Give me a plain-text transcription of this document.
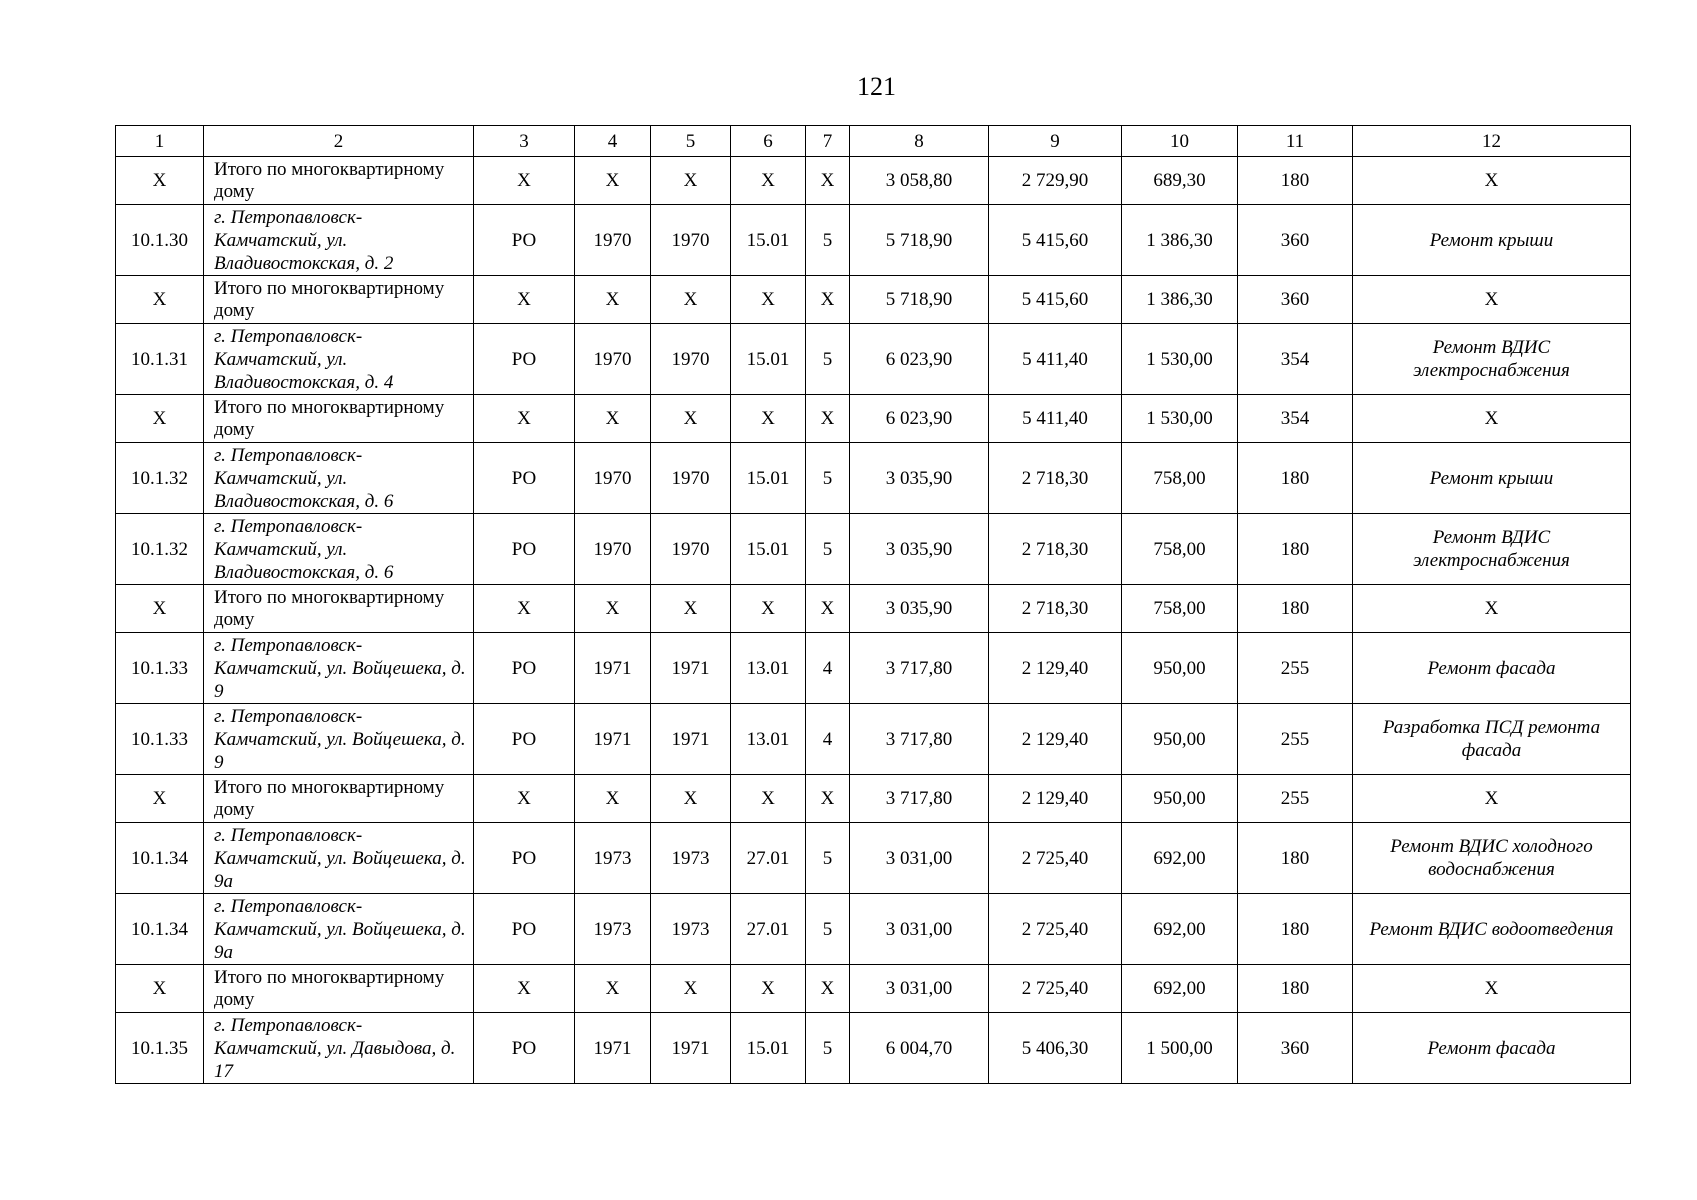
121
1	2	3	4	5	6	7	8	9	10	11	12
X	Итого по многоквартирному дому	X	X	X	X	X	3 058,80	2 729,90	689,30	180	X
10.1.30	г. Петропавловск-Камчатский, ул. Владивостокская, д. 2	РО	1970	1970	15.01	5	5 718,90	5 415,60	1 386,30	360	Ремонт крыши
X	Итого по многоквартирному дому	X	X	X	X	X	5 718,90	5 415,60	1 386,30	360	X
10.1.31	г. Петропавловск-Камчатский, ул. Владивостокская, д. 4	РО	1970	1970	15.01	5	6 023,90	5 411,40	1 530,00	354	Ремонт ВДИС электроснабжения
X	Итого по многоквартирному дому	X	X	X	X	X	6 023,90	5 411,40	1 530,00	354	X
10.1.32	г. Петропавловск-Камчатский, ул. Владивостокская, д. 6	РО	1970	1970	15.01	5	3 035,90	2 718,30	758,00	180	Ремонт крыши
10.1.32	г. Петропавловск-Камчатский, ул. Владивостокская, д. 6	РО	1970	1970	15.01	5	3 035,90	2 718,30	758,00	180	Ремонт ВДИС электроснабжения
X	Итого по многоквартирному дому	X	X	X	X	X	3 035,90	2 718,30	758,00	180	X
10.1.33	г. Петропавловск-Камчатский, ул. Войцешека, д. 9	РО	1971	1971	13.01	4	3 717,80	2 129,40	950,00	255	Ремонт фасада
10.1.33	г. Петропавловск-Камчатский, ул. Войцешека, д. 9	РО	1971	1971	13.01	4	3 717,80	2 129,40	950,00	255	Разработка ПСД ремонта фасада
X	Итого по многоквартирному дому	X	X	X	X	X	3 717,80	2 129,40	950,00	255	X
10.1.34	г. Петропавловск-Камчатский, ул. Войцешека, д. 9а	РО	1973	1973	27.01	5	3 031,00	2 725,40	692,00	180	Ремонт ВДИС холодного водоснабжения
10.1.34	г. Петропавловск-Камчатский, ул. Войцешека, д. 9а	РО	1973	1973	27.01	5	3 031,00	2 725,40	692,00	180	Ремонт ВДИС водоотведения
X	Итого по многоквартирному дому	X	X	X	X	X	3 031,00	2 725,40	692,00	180	X
10.1.35	г. Петропавловск-Камчатский, ул. Давыдова, д. 17	РО	1971	1971	15.01	5	6 004,70	5 406,30	1 500,00	360	Ремонт фасада
